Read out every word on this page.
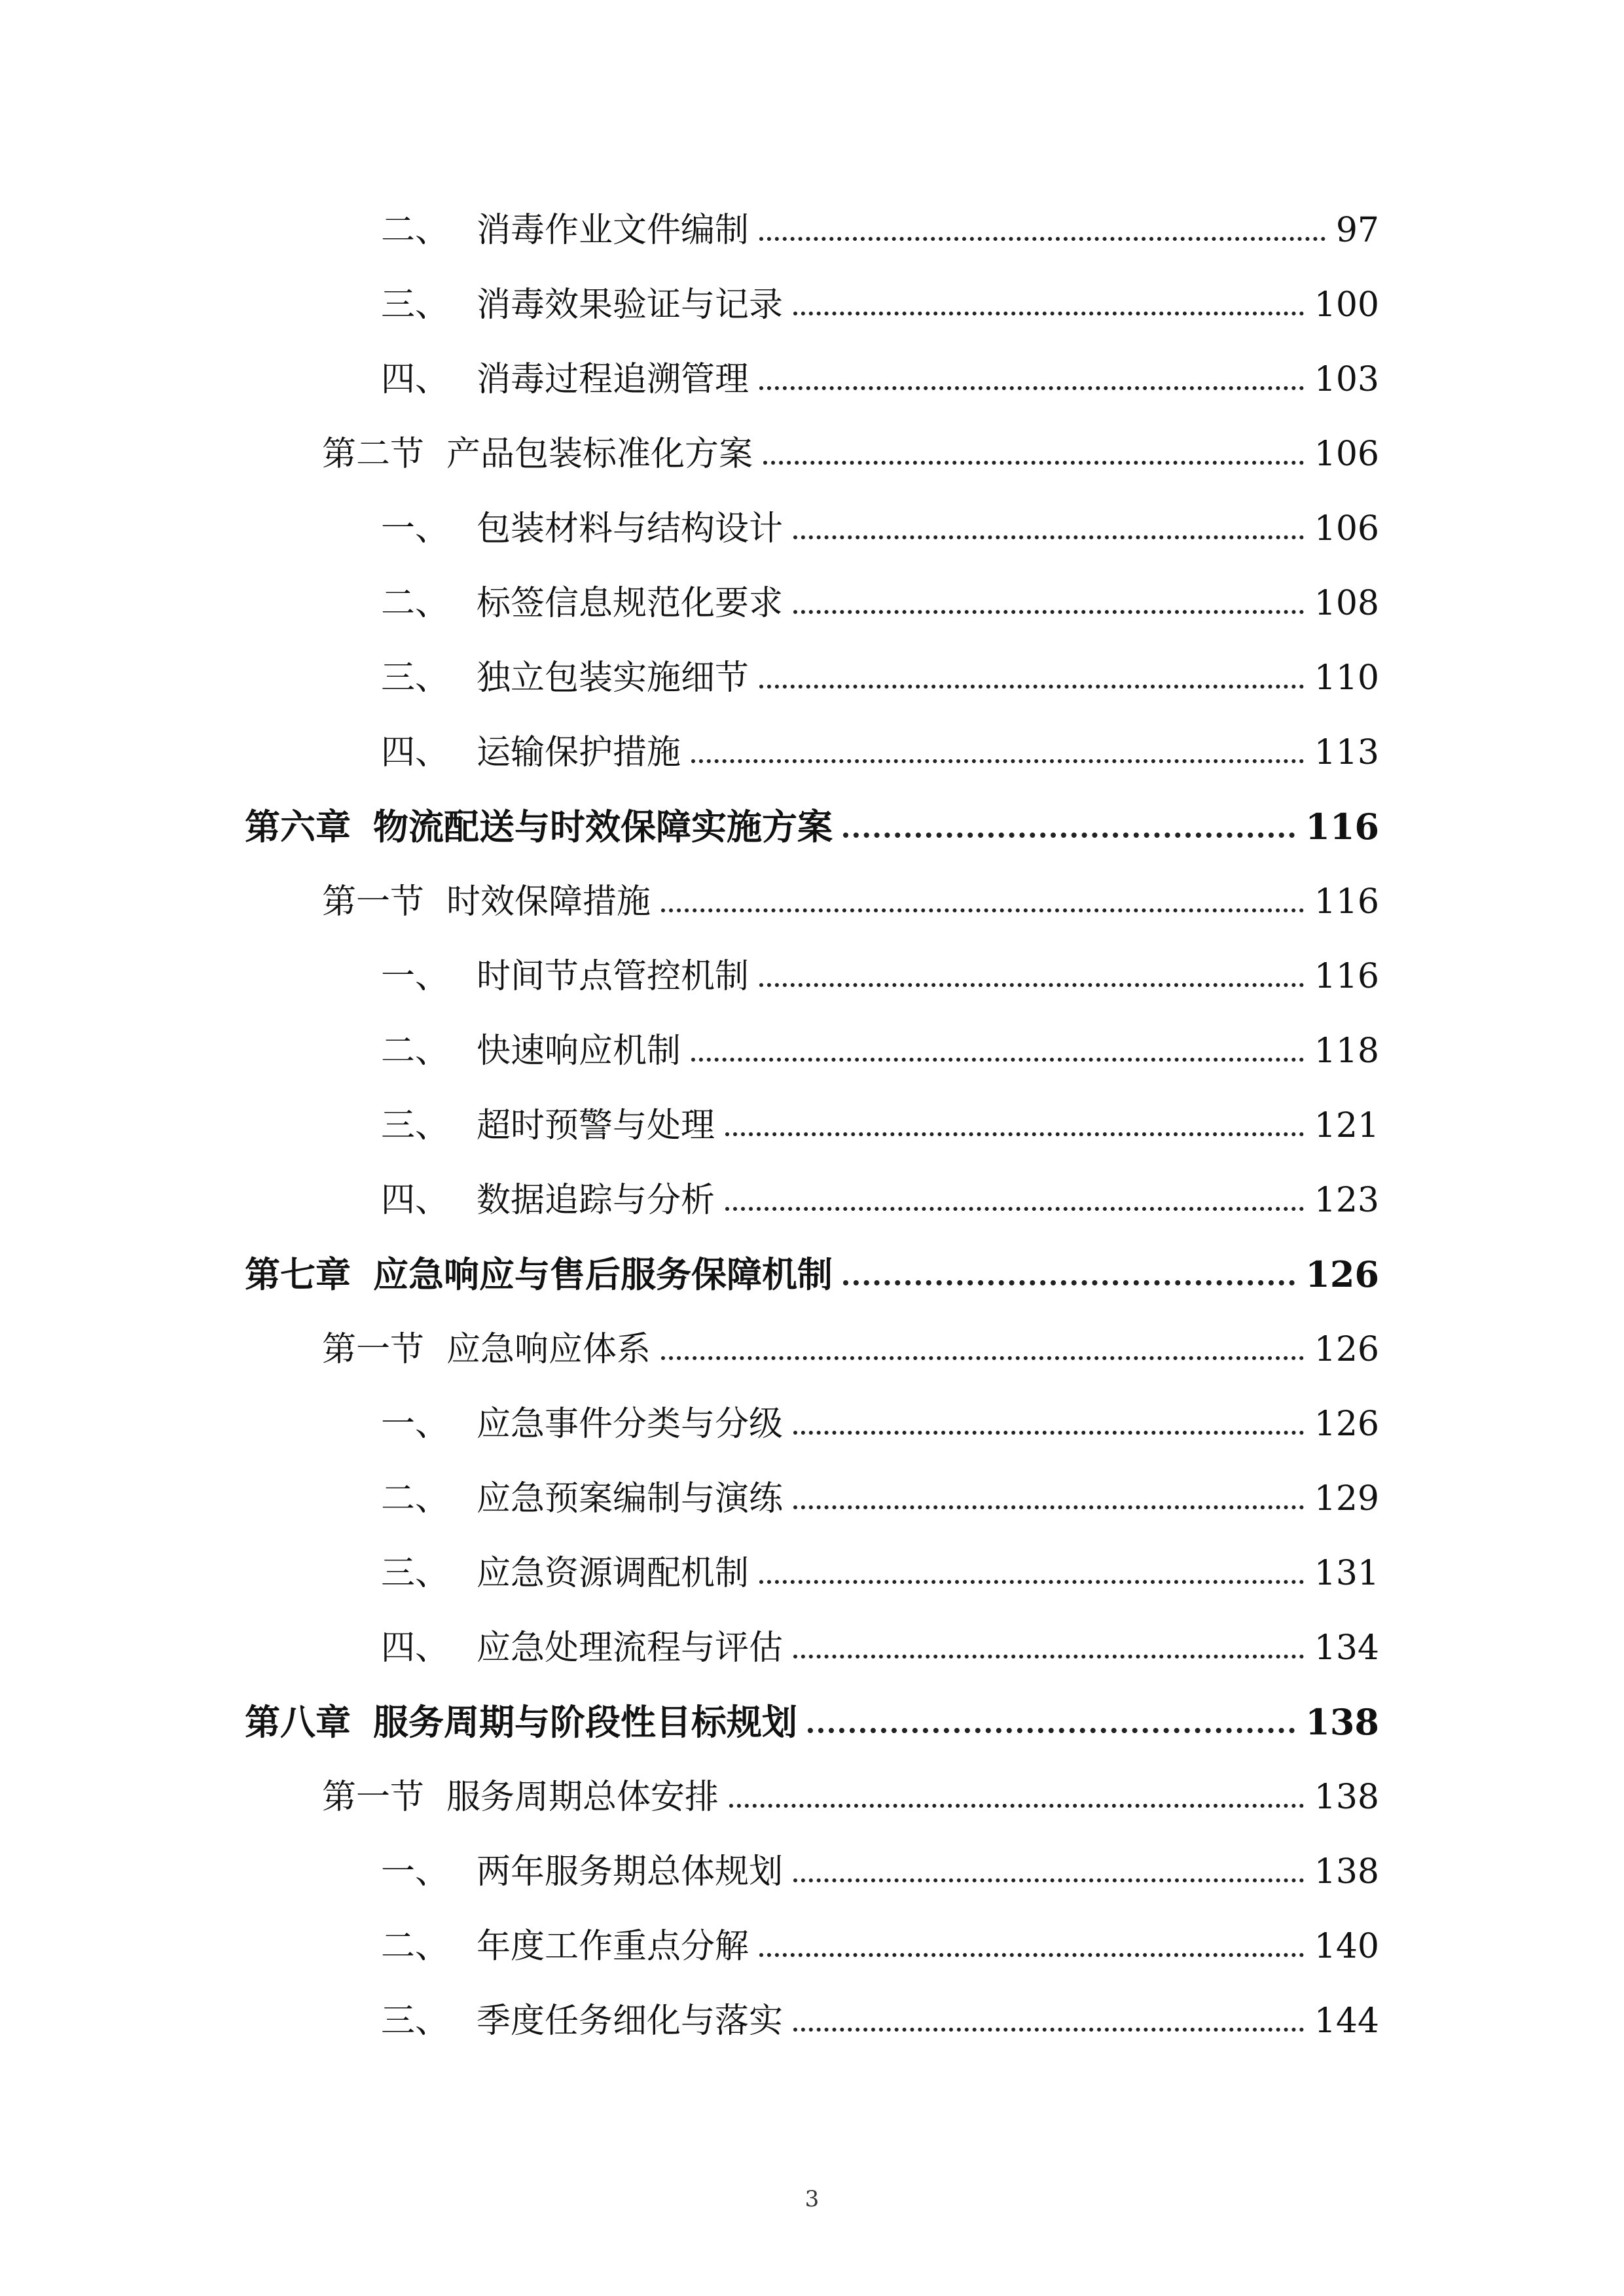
二、 消毒作业文件编制	97
三、 消毒效果验证与记录	100
四、 消毒过程追溯管理	103
第二节 产品包装标准化方案	106
一、 包装材料与结构设计	106
二、 标签信息规范化要求	108
三、 独立包装实施细节	110
四、 运输保护措施	113
第六章 物流配送与时效保障实施方案	116
第一节 时效保障措施	116
一、 时间节点管控机制	116
二、 快速响应机制	118
三、 超时预警与处理	121
四、 数据追踪与分析	123
第七章 应急响应与售后服务保障机制	126
第一节 应急响应体系	126
一、 应急事件分类与分级	126
二、 应急预案编制与演练	129
三、 应急资源调配机制	131
四、 应急处理流程与评估	134
第八章 服务周期与阶段性目标规划	138
第一节 服务周期总体安排	138
一、 两年服务期总体规划	138
二、 年度工作重点分解	140
三、 季度任务细化与落实	144
3
